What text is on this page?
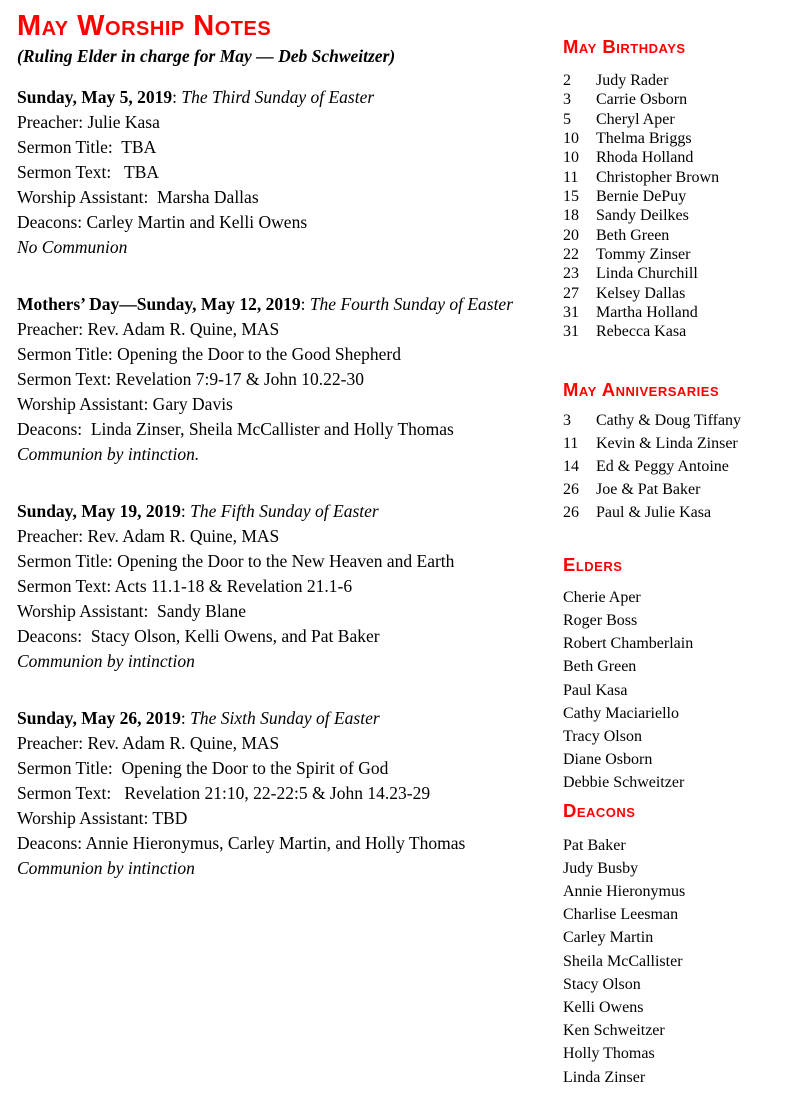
May Worship Notes

(Ruling Elder in charge for May — Deb Schweitzer)

Sunday, May 5, 2019: The Third Sunday of Easter

Preacher: Julie Kasa

Sermon Title:  TBA

Sermon Text:   TBA

Worship Assistant:  Marsha Dallas

Deacons: Carley Martin and Kelli Owens

No Communion

Mothers’ Day—Sunday, May 12, 2019: The Fourth Sunday of Easter

Preacher: Rev. Adam R. Quine, MAS

Sermon Title: Opening the Door to the Good Shepherd

Sermon Text: Revelation 7:9-17 & John 10.22-30

Worship Assistant: Gary Davis

Deacons:  Linda Zinser, Sheila McCallister and Holly Thomas

Communion by intinction.

Sunday, May 19, 2019: The Fifth Sunday of Easter

Preacher: Rev. Adam R. Quine, MAS

Sermon Title: Opening the Door to the New Heaven and Earth

Sermon Text: Acts 11.1-18 & Revelation 21.1-6

Worship Assistant:  Sandy Blane

Deacons:  Stacy Olson, Kelli Owens, and Pat Baker

Communion by intinction

Sunday, May 26, 2019: The Sixth Sunday of Easter

Preacher: Rev. Adam R. Quine, MAS

Sermon Title:  Opening the Door to the Spirit of God

Sermon Text:   Revelation 21:10, 22-22:5 & John 14.23-29

Worship Assistant: TBD

Deacons: Annie Hieronymus, Carley Martin, and Holly Thomas

Communion by intinction

May Birthdays
2	Judy Rader
3	Carrie Osborn
5	Cheryl Aper
10	Thelma Briggs
10	Rhoda Holland
11	Christopher Brown
15	Bernie DePuy
18	Sandy Deilkes
20	Beth Green
22	Tommy Zinser
23	Linda Churchill
27	Kelsey Dallas
31	Martha Holland
31	Rebecca Kasa
May Anniversaries
3	Cathy & Doug Tiffany
11	Kevin & Linda Zinser
14	Ed & Peggy Antoine
26	Joe & Pat Baker
26	Paul & Julie Kasa
Elders
Cherie Aper
Roger Boss
Robert Chamberlain
Beth Green
Paul Kasa
Cathy Maciariello
Tracy Olson
Diane Osborn
Debbie Schweitzer
Deacons
Pat Baker
Judy Busby
Annie Hieronymus
Charlise Leesman
Carley Martin
Sheila McCallister
Stacy Olson
Kelli Owens
Ken Schweitzer
Holly Thomas
Linda Zinser
